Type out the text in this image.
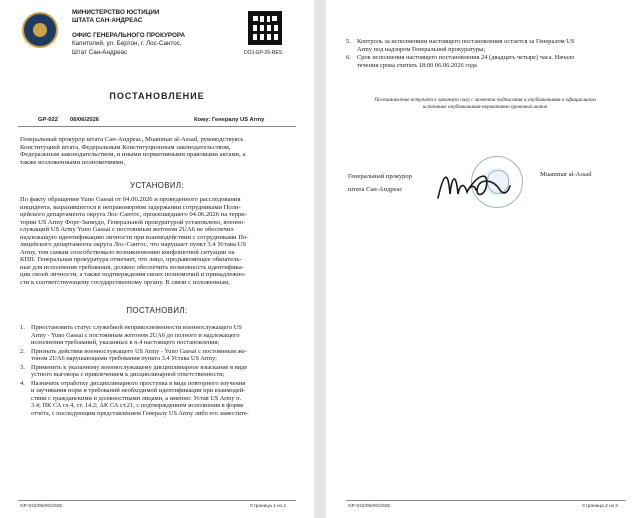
МИНИСТЕРСТВО ЮСТИЦИИ
ШТАТА САН-АНДРЕАС
ОФИС ГЕНЕРАЛЬНОГО ПРОКУРОРА
Капитолий, ул. Бертон, г. Лос-Сантос,
Штат Сан-Андреас	DOJ-GP-26-RES
ПОСТАНОВЛЕНИЕ
GP-022 06/06/2026	Кому: Генералу US Army
Генеральный прокурор штата Сан-Андреас, Muammar al-Assad, руководствуясь
Конституцией штата, Федеральным Конституционным законодательством,
Федеральным законодательством, и иными нормативными правовыми актами, а
также возложенными полномочиями,
УСТАНОВИЛ:
По факту обращения Yuno Gassai от 04.06.2026 и проведенного расследования
инцидента, выразившегося в неправомерном задержании сотрудниками Поли-
цейского департамента округа Лос-Сантос, произошедшего 04.06.2026 на терри-
тории US Army Форт-Занкудо, Генеральной прокуратурой установлено, военно-
служащий US Army Yuno Gassai с постоянным жетоном 2UA6 не обеспечил
надлежащую идентификацию личности при взаимодействии с сотрудниками По-
лицейского департамента округа Лос-Сантос, что нарушает пункт 3.4 Устава US
Army, тем самым способствовало возникновению конфликтной ситуации на
КПП. Генеральная прокуратура отмечает, что лицо, предъявляющее обязатель-
ные для исполнения требования, должно обеспечить возможность идентифика-
ции своей личности, а также подтверждения своих полномочий и принадлежно-
сти к соответствующему государственному органу. В связи с изложенным,
ПОСТАНОВИЛ:
1. Приостановить статус служебной неприкосновенности военнослужащего US
Army - Yuno Gassai с постоянным жетоном 2UA6 до полного и надлежащего
исполнения требований, указанных в п.4 настоящего постановления;
2. Признать действия военнослужащего US Army - Yuno Gassai с постоянным же-
тоном 2UA6 нарушающими требования пункта 3.4 Устава US Army;
3. Применить к указанному военнослужащему дисциплинарное взыскание в виде
устного выговора с привлечением к дисциплинарной ответственности;
4. Назначить отработку дисциплинарного проступка в виде повторного изучения
и заучивания норм и требований необходимой идентификации при взаимодей-
ствии с гражданскими и должностными лицами, а именно: Устав US Army п.
3.4; ПК СА гл.4, ст. 14.2; АК СА ст.21, с подтверждением исполнения в форме
отчёта, с последующим представлением Генералу US Army либо его заместите-
GP-022/06/06/2026	Страница 1 из 2
5. Контроль за исполнением настоящего постановления остается за Генералом US
Army под надзором Генеральной прокуратуры;
6. Срок исполнения настоящего постановления 24 (двадцать четыре) часа. Начало
течения срока считать 18:00 06.06.2026 года
Постановление вступает в законную силу с момента подписания и опубликования в официальном
источнике опубликования нормативно правовых актов
Генеральный прокурор
штата Сан-Андреас
Muammar al-Assad
GP-022/06/06/2026	Страница 2 из 2
